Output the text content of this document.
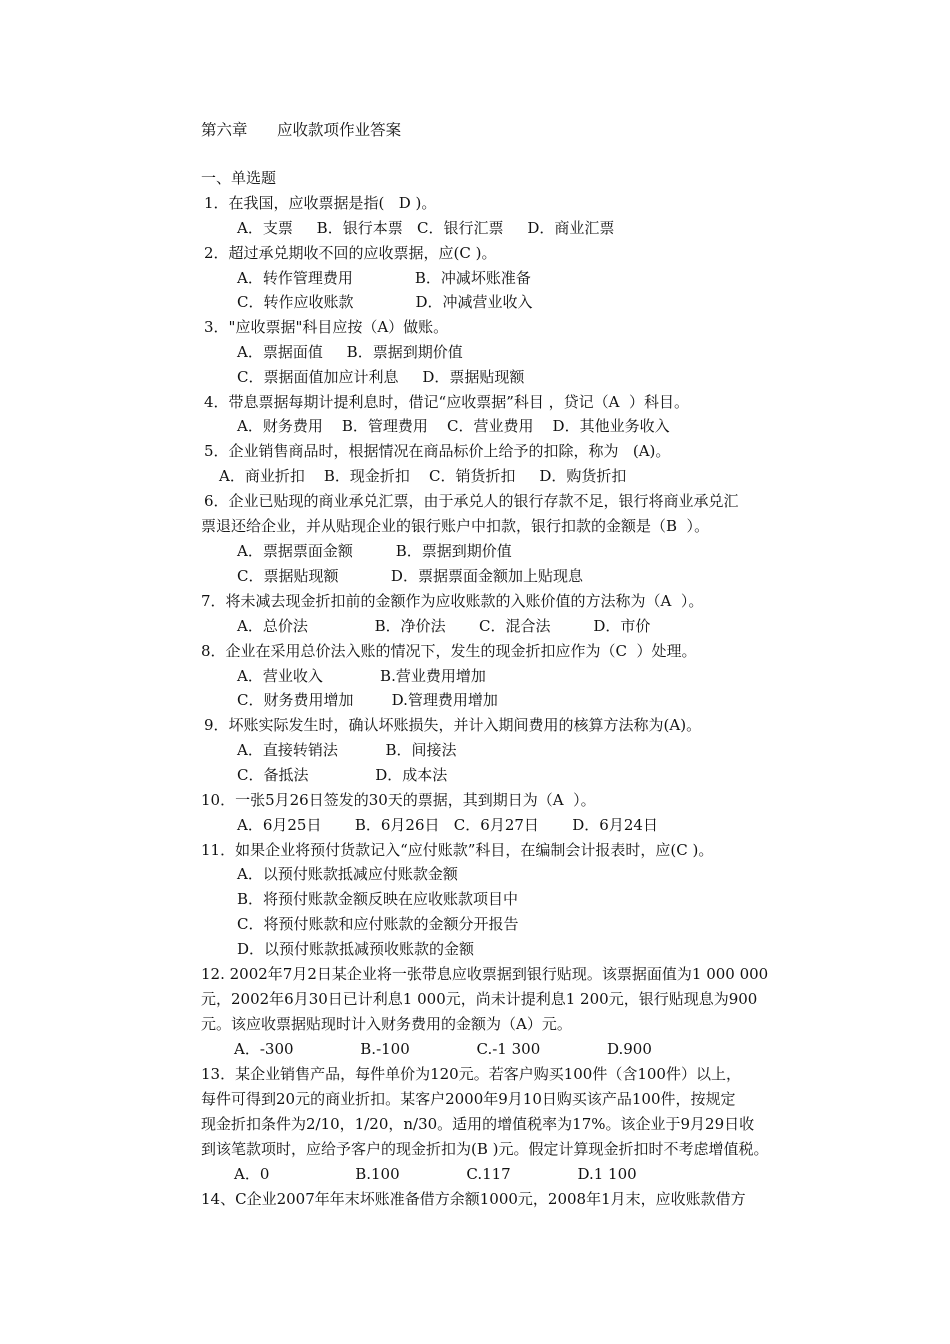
第六章      应收款项作业答案
一、单选题
1．在我国，应收票据是指(   D )。
A．支票     B．银行本票   C．银行汇票     D．商业汇票
2．超过承兑期收不回的应收票据，应(C )。
A．转作管理费用             B．冲减坏账准备
C．转作应收账款             D．冲减营业收入
3．"应收票据"科目应按（A）做账。
A．票据面值     B．票据到期价值
C．票据面值加应计利息     D．票据贴现额
4．带息票据每期计提利息时，借记“应收票据”科目 ，贷记（A  ）科目。
A．财务费用    B．管理费用    C．营业费用    D．其他业务收入
5．企业销售商品时，根据情况在商品标价上给予的扣除，称为   (A)。
A．商业折扣    B．现金折扣    C．销货折扣     D．购货折扣
6．企业已贴现的商业承兑汇票，由于承兑人的银行存款不足，银行将商业承兑汇
票退还给企业，并从贴现企业的银行账户中扣款，银行扣款的金额是（B  ）。
A．票据票面金额         B．票据到期价值
C．票据贴现额           D．票据票面金额加上贴现息
7．将未减去现金折扣前的金额作为应收账款的入账价值的方法称为（A  ）。
A．总价法              B．净价法       C．混合法         D．市价
8．企业在采用总价法入账的情况下，发生的现金折扣应作为（C  ）处理。
A．营业收入            B.营业费用增加
C．财务费用增加        D.管理费用增加
9．坏账实际发生时，确认坏账损失，并计入期间费用的核算方法称为(A)。
A．直接转销法          B．间接法
C．备抵法              D．成本法
10．一张5月26日签发的30天的票据，其到期日为（A  ）。
A．6月25日       B．6月26日   C．6月27日       D．6月24日
11．如果企业将预付货款记入“应付账款”科目，在编制会计报表时，应(C )。
A．以预付账款抵减应付账款金额
B．将预付账款金额反映在应收账款项目中
C．将预付账款和应付账款的金额分开报告
D．以预付账款抵减预收账款的金额
12. 2002年7月2日某企业将一张带息应收票据到银行贴现。该票据面值为1 000 000
元，2002年6月30日已计利息1 000元，尚未计提利息1 200元，银行贴现息为900
元。该应收票据贴现时计入财务费用的金额为（A）元。
A．-300              B.-100              C.-1 300              D.900
13．某企业销售产品，每件单价为120元。若客户购买100件（含100件）以上，
每件可得到20元的商业折扣。某客户2000年9月10日购买该产品100件，按规定
现金折扣条件为2/10，1/20，n/30。适用的增值税率为17%。该企业于9月29日收
到该笔款项时，应给予客户的现金折扣为(B )元。假定计算现金折扣时不考虑增值税。
A．0                  B.100              C.117              D.1 100
14、C企业2007年年末坏账准备借方余额1000元，2008年1月末，应收账款借方
